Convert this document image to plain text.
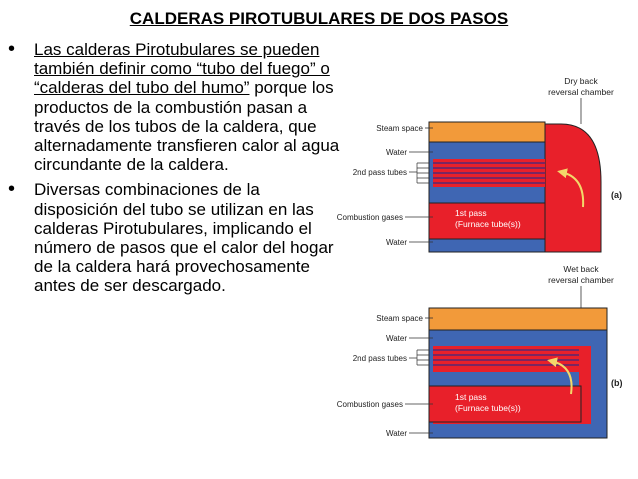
CALDERAS PIROTUBULARES DE DOS PASOS
•	Las calderas Pirotubulares se pueden también definir como “tubo del fuego” o “calderas del tubo del humo” porque los productos de la combustión pasan a través de los tubos de la caldera, que alternadamente transfieren calor al agua circundante de la caldera.
•	Diversas combinaciones de la disposición del tubo se utilizan en las calderas Pirotubulares, implicando el número de pasos que el calor del hogar de la caldera hará provechosamente antes de ser descargado.
Dry back
reversal chamber
1st pass
(Furnace tube(s))
Steam space
Water
2nd pass tubes
Combustion gases
Water
(a)
Wet back
reversal chamber
1st pass
(Furnace tube(s))
Steam space
Water
2nd pass tubes
Combustion gases
Water
(b)
